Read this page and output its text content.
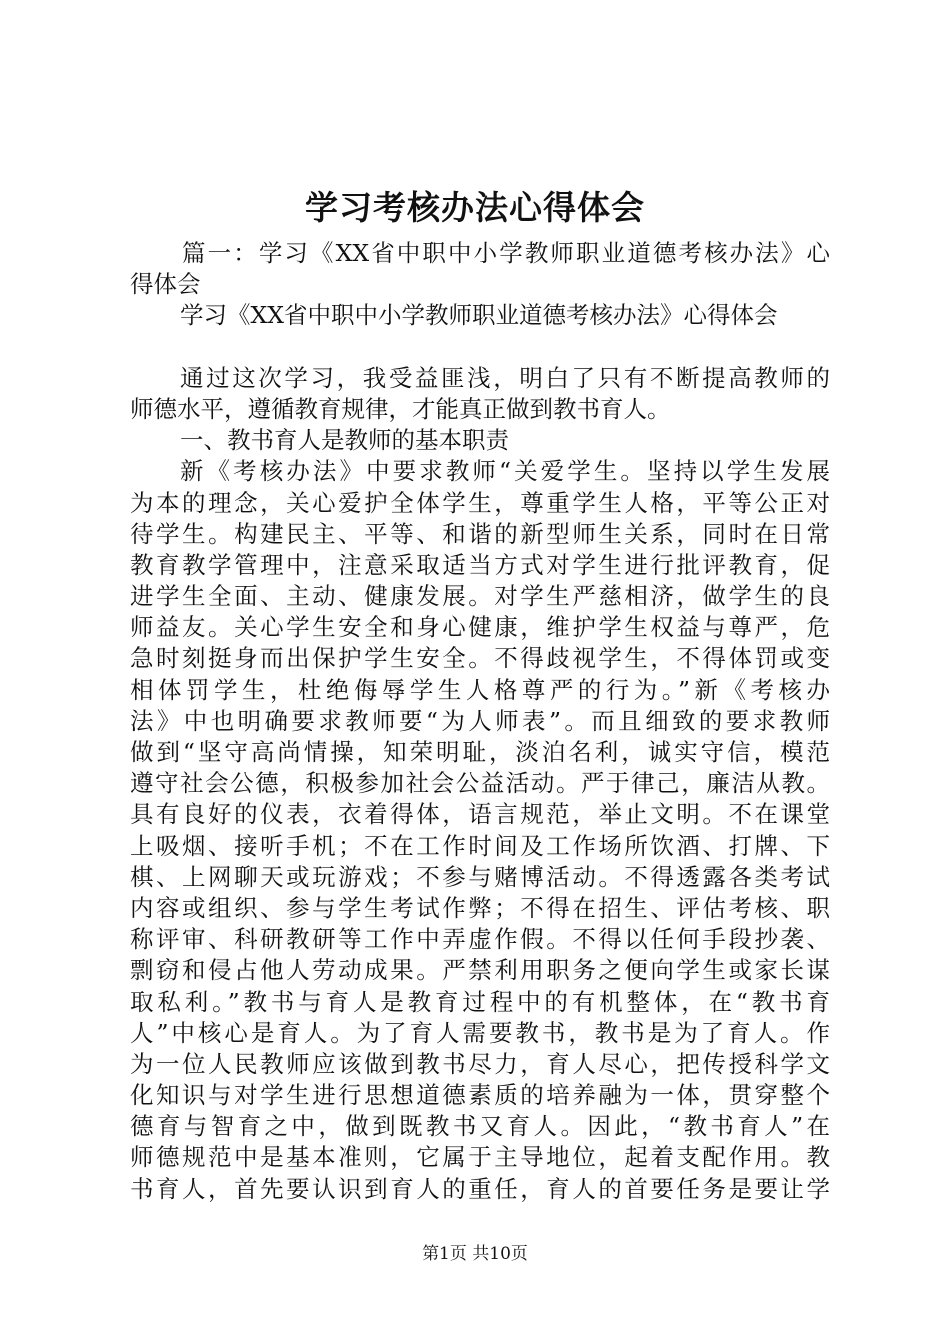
学习考核办法心得体会
篇一：学习《XX省中职中小学教师职业道德考核办法》心
得体会
学习《XX省中职中小学教师职业道德考核办法》心得体会
通过这次学习，我受益匪浅，明白了只有不断提高教师的
师德水平，遵循教育规律，才能真正做到教书育人。
一、教书育人是教师的基本职责
新《考核办法》中要求教师“关爱学生。坚持以学生发展
为本的理念，关心爱护全体学生，尊重学生人格，平等公正对
待学生。构建民主、平等、和谐的新型师生关系，同时在日常
教育教学管理中，注意采取适当方式对学生进行批评教育，促
进学生全面、主动、健康发展。对学生严慈相济，做学生的良
师益友。关心学生安全和身心健康，维护学生权益与尊严，危
急时刻挺身而出保护学生安全。不得歧视学生，不得体罚或变
相体罚学生，杜绝侮辱学生人格尊严的行为。”新《考核办
法》中也明确要求教师要“为人师表”。而且细致的要求教师
做到“坚守高尚情操，知荣明耻，淡泊名利，诚实守信，模范
遵守社会公德，积极参加社会公益活动。严于律己，廉洁从教。
具有良好的仪表，衣着得体，语言规范，举止文明。不在课堂
上吸烟、接听手机；不在工作时间及工作场所饮酒、打牌、下
棋、上网聊天或玩游戏；不参与赌博活动。不得透露各类考试
内容或组织、参与学生考试作弊；不得在招生、评估考核、职
称评审、科研教研等工作中弄虚作假。不得以任何手段抄袭、
剽窃和侵占他人劳动成果。严禁利用职务之便向学生或家长谋
取私利。”教书与育人是教育过程中的有机整体，在“教书育
人”中核心是育人。为了育人需要教书，教书是为了育人。作
为一位人民教师应该做到教书尽力，育人尽心，把传授科学文
化知识与对学生进行思想道德素质的培养融为一体，贯穿整个
德育与智育之中，做到既教书又育人。因此，“教书育人”在
师德规范中是基本准则，它属于主导地位，起着支配作用。教
书育人，首先要认识到育人的重任，育人的首要任务是要让学
第1页 共10页
